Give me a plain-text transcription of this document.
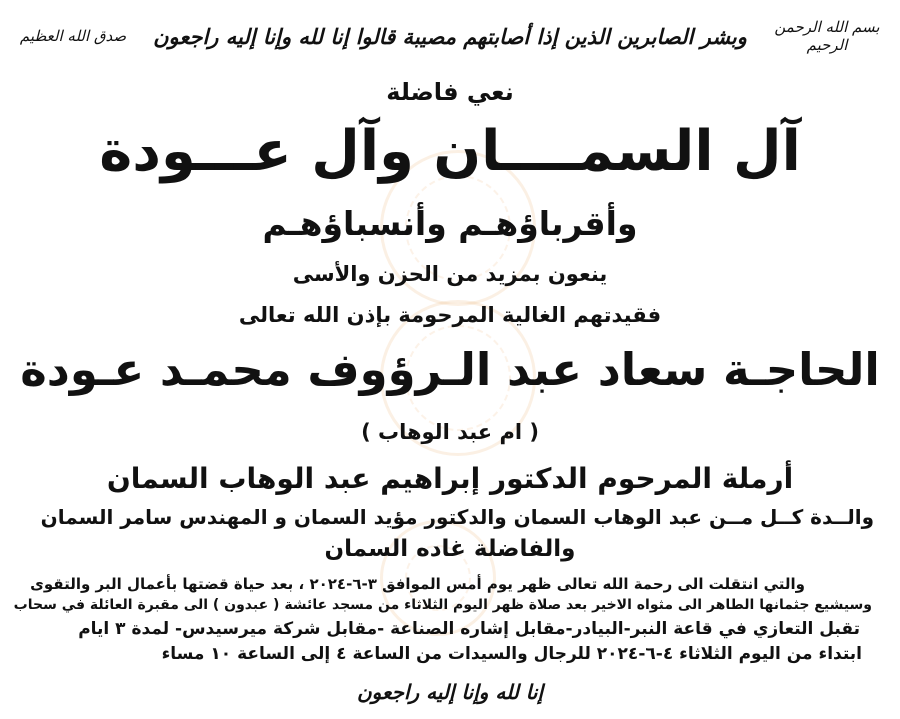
بسم الله الرحمن الرحيم
وبشر الصابرين الذين إذا أصابتهم مصيبة قالوا إنا لله وإنا إليه راجعون
صدق الله العظيم
نعي فاضلة
آل السمــــان وآل عـــودة
وأقرباؤهـم وأنسباؤهـم
ينعون بمزيد من الحزن والأسى
فقيدتهم الغالية المرحومة بإذن الله تعالى
الحاجـة سعاد عبد الـرؤوف محمـد عـودة
( ام عبد الوهاب )
أرملة المرحوم الدكتور إبراهيم عبد الوهاب السمان
والــدة كــل مــن عبد الوهاب السمان والدكتور مؤيد السمان و المهندس سامر السمان
والفاضلة غاده السمان
والتي انتقلت الى رحمة الله تعالى ظهر يوم أمس الموافق ٣-٦-٢٠٢٤ ، بعد حياة قضتها بأعمال البر والتقوى
وسيشيع جثمانها الطاهر الى مثواه الاخير بعد صلاة ظهر اليوم الثلاثاء من مسجد عائشة ( عبدون ) الى مقبرة العائلة في سحاب
تقبل التعازي في قاعة النبر-البيادر-مقابل إشاره الصناعة -مقابل شركة ميرسيدس- لمدة ٣ ايام
ابتداء من اليوم الثلاثاء ٤-٦-٢٠٢٤ للرجال والسيدات من الساعة ٤ إلى الساعة ١٠ مساء
إنا لله وإنا إليه راجعون
